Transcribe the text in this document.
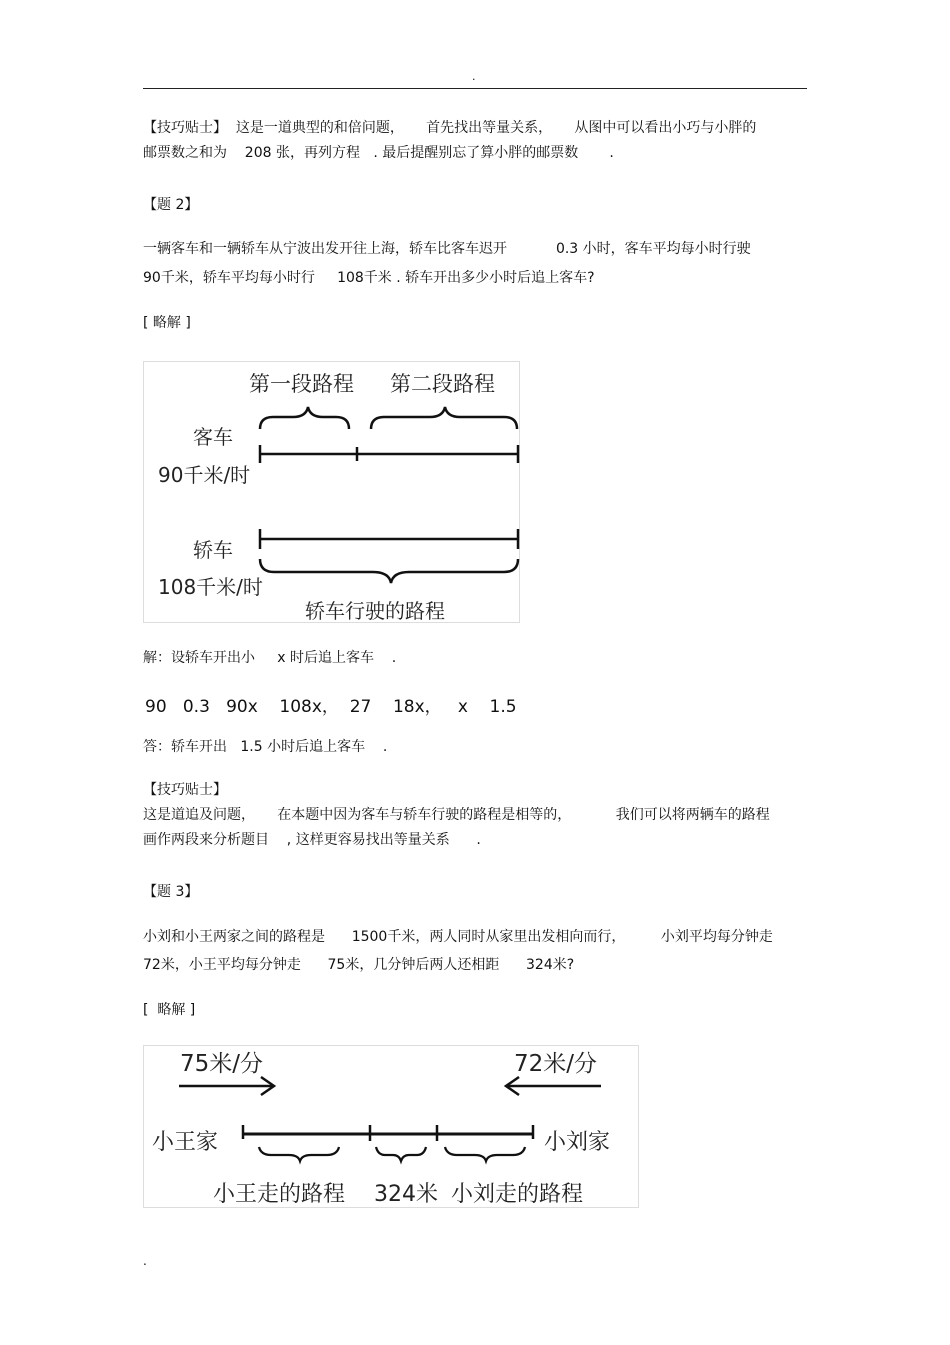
.

【技巧贴士】  这是一道典型的和倍问题，     首先找出等量关系，     从图中可以看出小巧与小胖的

邮票数之和为    208 张，再列方程   . 最后提醒别忘了算小胖的邮票数       .

【题 2】

一辆客车和一辆轿车从宁波出发开往上海，轿车比客车迟开           0.3 小时，客车平均每小时行驶

90千米，轿车平均每小时行     108千米 . 轿车开出多少小时后追上客车?

[ 略解 ]

第一段路程 第二段路程
客车
90千米/时
轿车
108千米/时
轿车行驶的路程

解：设轿车开出小     x 时后追上客车    .

90   0.3   90x    108x，  27    18x，   x    1.5

答：轿车开出   1.5 小时后追上客车    .

【技巧贴士】

这是道追及问题，     在本题中因为客车与轿车行驶的路程是相等的，          我们可以将两辆车的路程

画作两段来分析题目    , 这样更容易找出等量关系      .

【题 3】

小刘和小王两家之间的路程是      1500千米，两人同时从家里出发相向而行，        小刘平均每分钟走

72米，小王平均每分钟走      75米，几分钟后两人还相距      324米?

[  略解 ]

75米/分	72米/分
小王家	小刘家
小王走的路程 324米 小刘走的路程
.
